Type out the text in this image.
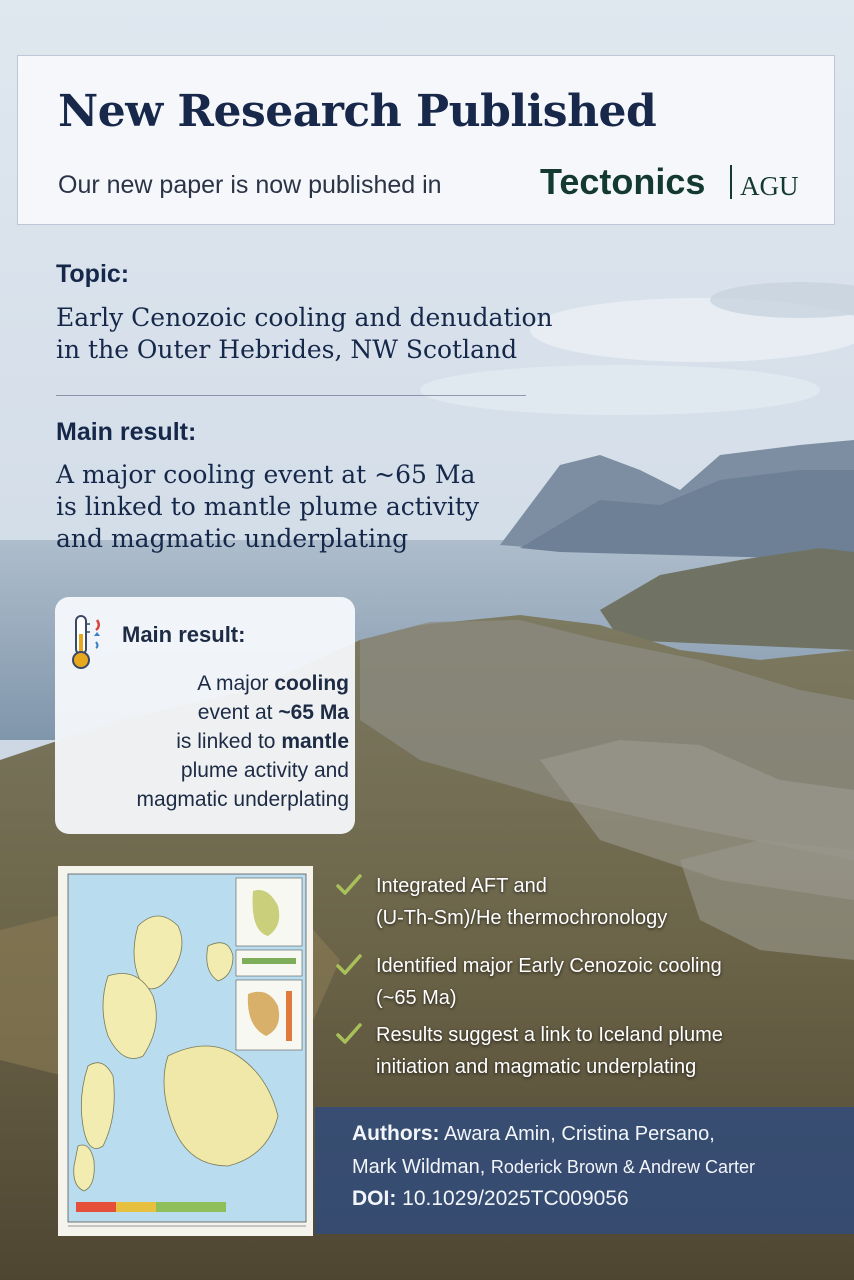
New Research Published
Our new paper is now published in	Tectonics AGU
Topic:

Early Cenozoic cooling and denudation
in the Outer Hebrides, NW Scotland

Main result:

A major cooling event at ~65 Ma
is linked to mantle plume activity
and magmatic underplating

Main result:

A major cooling
event at ~65 Ma
is linked to mantle
plume activity and
magmatic underplating

Integrated AFT and
(U-Th-Sm)/He thermochronology

Identified major Early Cenozoic cooling
(~65 Ma)

Results suggest a link to Iceland plume
initiation and magmatic underplating

Authors: Awara Amin, Cristina Persano,
Mark Wildman, Roderick Brown & Andrew Carter

DOI: 10.1029/2025TC009056
